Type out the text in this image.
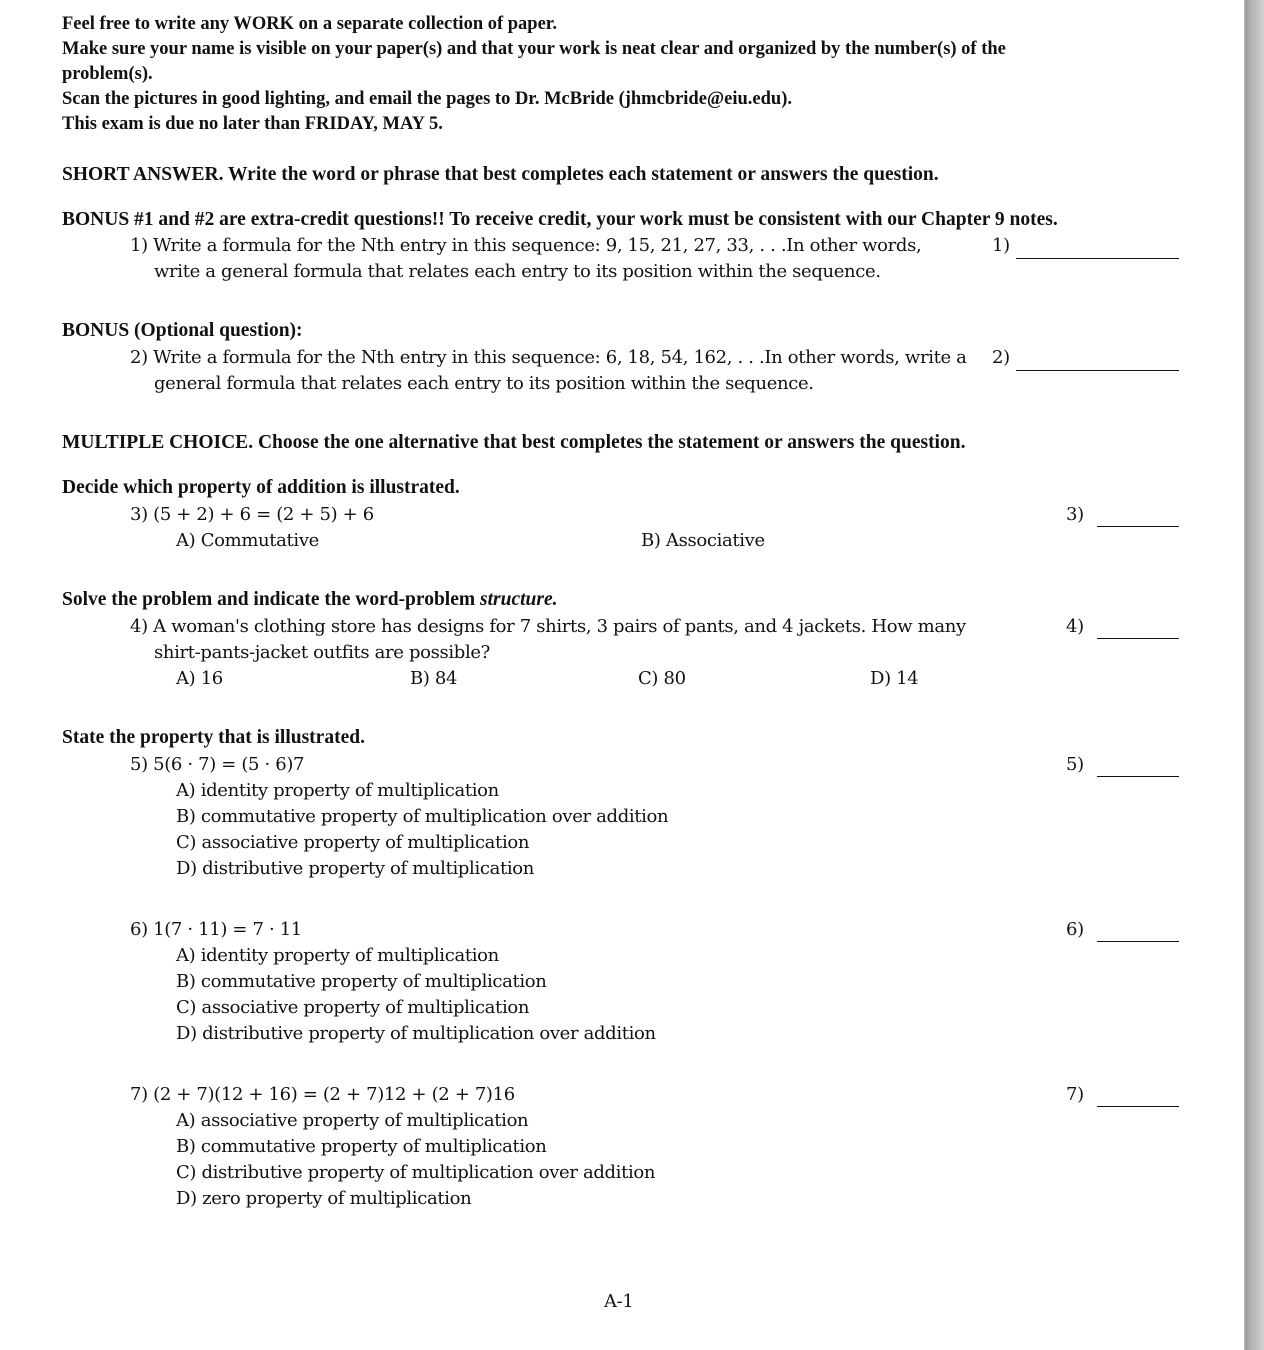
Feel free to write any WORK on a separate collection of paper.
Make sure your name is visible on your paper(s) and that your work is neat clear and organized by the number(s) of the
problem(s).
Scan the pictures in good lighting, and email the pages to Dr. McBride (jhmcbride@eiu.edu).
This exam is due no later than FRIDAY, MAY 5.
SHORT ANSWER. Write the word or phrase that best completes each statement or answers the question.
BONUS #1 and #2 are extra-credit questions!! To receive credit, your work must be consistent with our Chapter 9 notes.
1) Write a formula for the Nth entry in this sequence: 9, 15, 21, 27, 33, . . .In other words,
write a general formula that relates each entry to its position within the sequence.
1)
BONUS (Optional question):
2) Write a formula for the Nth entry in this sequence: 6, 18, 54, 162, . . .In other words, write a
general formula that relates each entry to its position within the sequence.
2)
MULTIPLE CHOICE. Choose the one alternative that best completes the statement or answers the question.
Decide which property of addition is illustrated.
3) (5 + 2) + 6 = (2 + 5) + 6	3)
A) Commutative	B) Associative
Solve the problem and indicate the word-problem structure.
4) A woman's clothing store has designs for 7 shirts, 3 pairs of pants, and 4 jackets. How many
shirt-pants-jacket outfits are possible?
4)
A) 16	B) 84	C) 80	D) 14
State the property that is illustrated.
5) 5(6 · 7) = (5 · 6)7	5)
A) identity property of multiplication
B) commutative property of multiplication over addition
C) associative property of multiplication
D) distributive property of multiplication
6) 1(7 · 11) = 7 · 11	6)
A) identity property of multiplication
B) commutative property of multiplication
C) associative property of multiplication
D) distributive property of multiplication over addition
7) (2 + 7)(12 + 16) = (2 + 7)12 + (2 + 7)16	7)
A) associative property of multiplication
B) commutative property of multiplication
C) distributive property of multiplication over addition
D) zero property of multiplication
A-1
